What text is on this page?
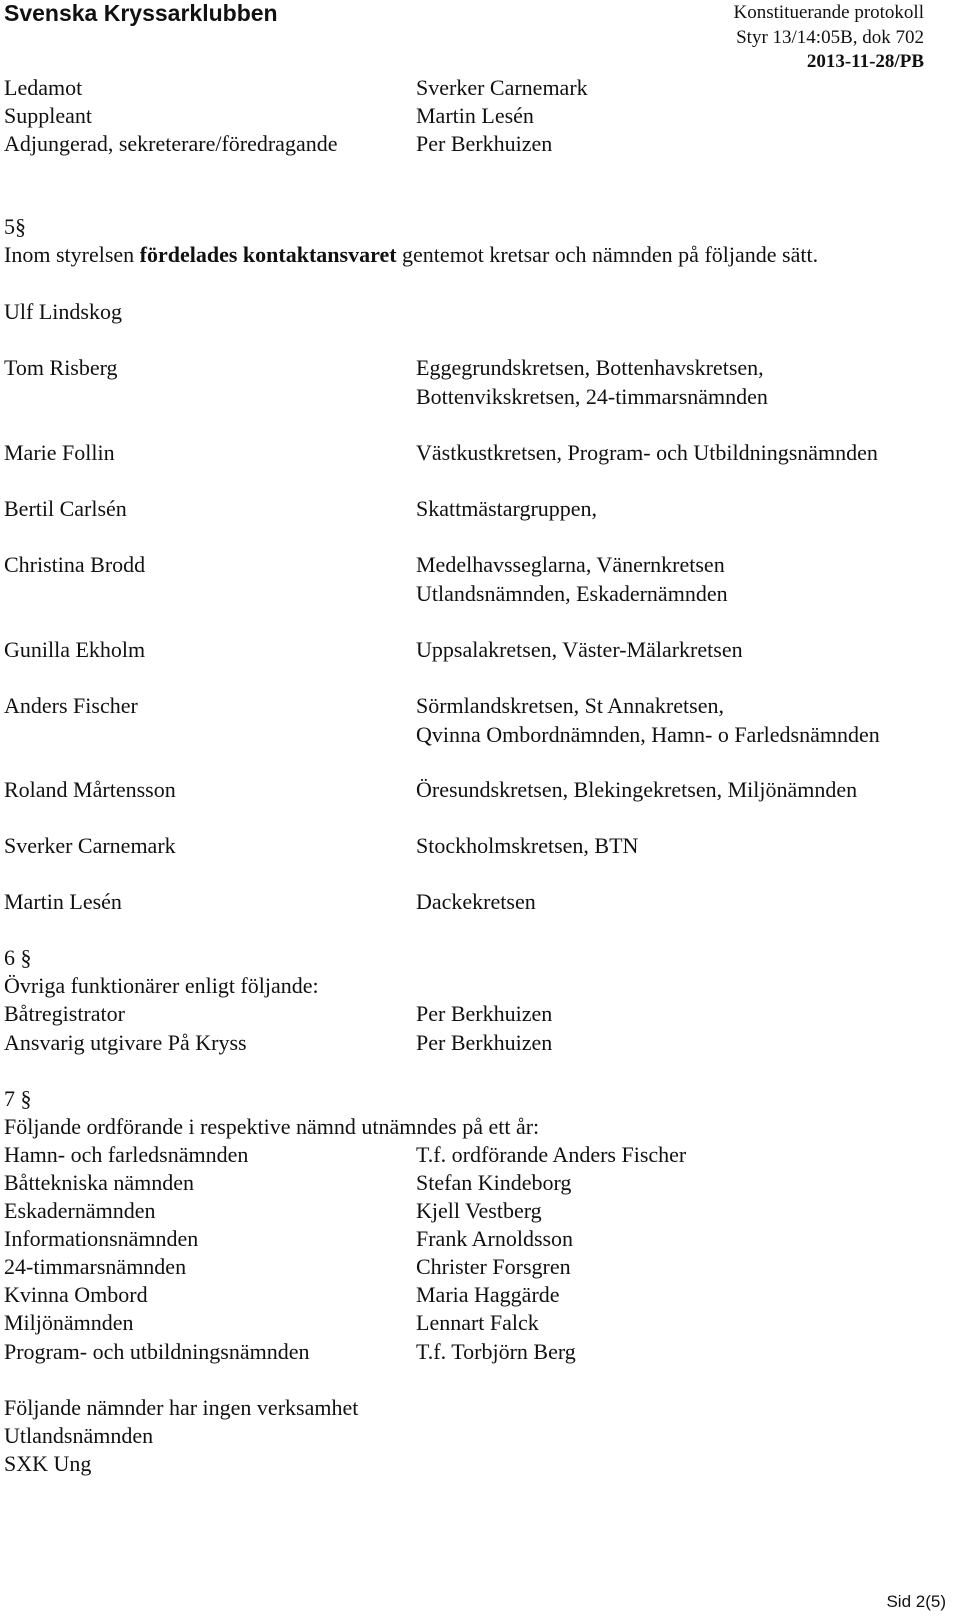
Svenska Kryssarklubben	Konstituerande protokoll
Styr 13/14:05B, dok 702
2013-11-28/PB
Ledamot	Sverker Carnemark
Suppleant	Martin Lesén
Adjungerad, sekreterare/föredragande	Per Berkhuizen
5§
Inom styrelsen fördelades kontaktansvaret gentemot kretsar och nämnden på följande sätt.
Ulf Lindskog
Tom Risberg	Eggegrundskretsen, Bottenhavskretsen,
Bottenvikskretsen, 24-timmarsnämnden
Marie Follin	Västkustkretsen, Program- och Utbildningsnämnden
Bertil Carlsén	Skattmästargruppen,
Christina Brodd	Medelhavsseglarna, Vänernkretsen
Utlandsnämnden, Eskadernämnden
Gunilla Ekholm	Uppsalakretsen, Väster-Mälarkretsen
Anders Fischer	Sörmlandskretsen, St Annakretsen,
Qvinna Ombordnämnden, Hamn- o Farledsnämnden
Roland Mårtensson	Öresundskretsen, Blekingekretsen, Miljönämnden
Sverker Carnemark	Stockholmskretsen, BTN
Martin Lesén	Dackekretsen
6 §
Övriga funktionärer enligt följande:
Båtregistrator	Per Berkhuizen
Ansvarig utgivare På Kryss	Per Berkhuizen
7 §
Följande ordförande i respektive nämnd utnämndes på ett år:
Hamn- och farledsnämnden	T.f. ordförande Anders Fischer
Båttekniska nämnden	Stefan Kindeborg
Eskadernämnden	Kjell Vestberg
Informationsnämnden	Frank Arnoldsson
24-timmarsnämnden	Christer Forsgren
Kvinna Ombord	Maria Haggärde
Miljönämnden	Lennart Falck
Program- och utbildningsnämnden	T.f. Torbjörn Berg
Följande nämnder har ingen verksamhet
Utlandsnämnden
SXK Ung
Sid 2(5)
